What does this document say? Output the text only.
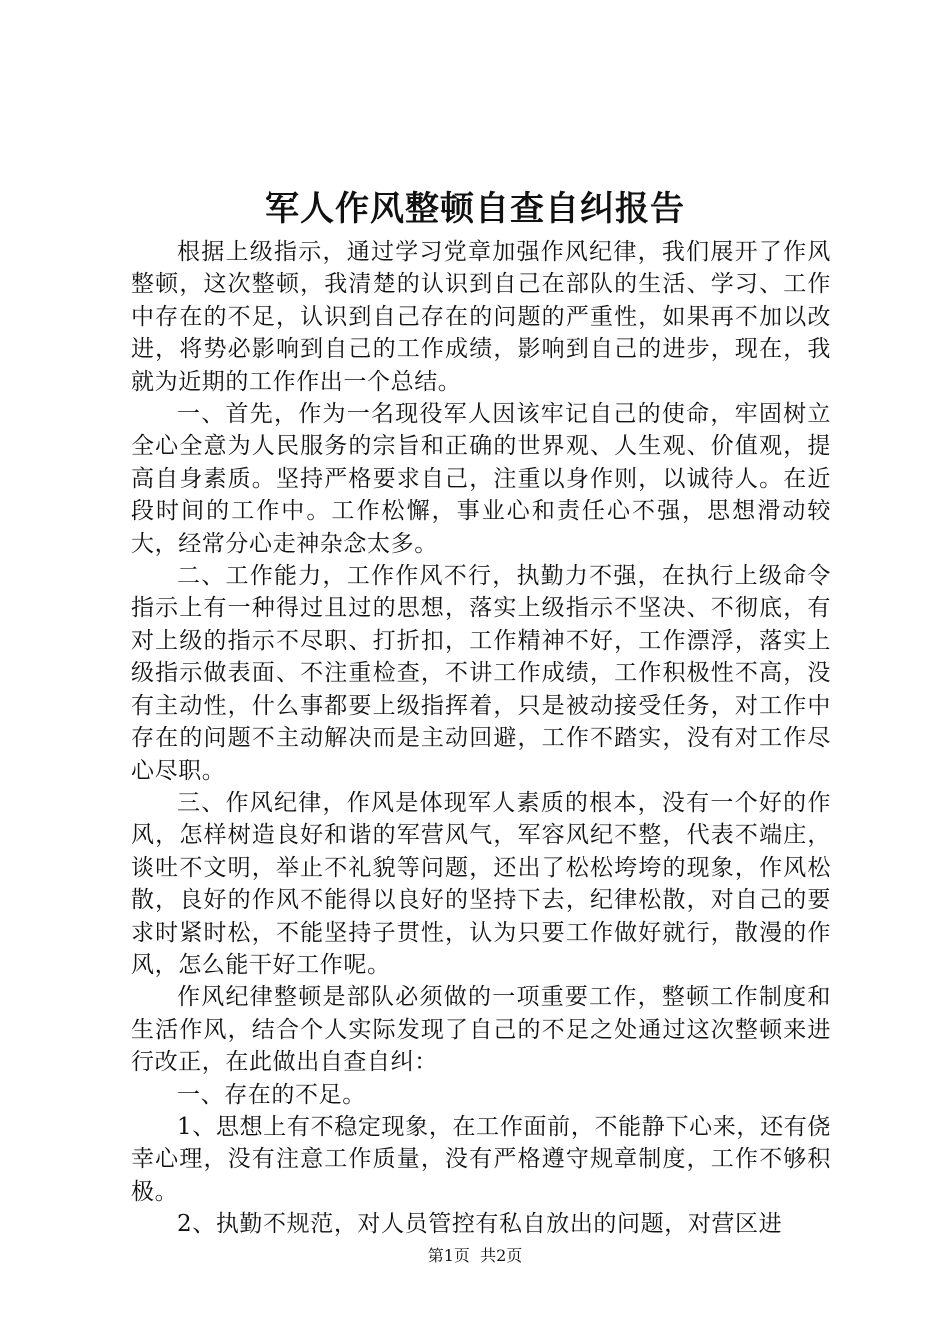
军人作风整顿自查自纠报告

根据上级指示，通过学习党章加强作风纪律，我们展开了作风整顿，这次整顿，我清楚的认识到自己在部队的生活、学习、工作中存在的不足，认识到自己存在的问题的严重性，如果再不加以改进，将势必影响到自己的工作成绩，影响到自己的进步，现在，我就为近期的工作作出一个总结。

一、首先，作为一名现役军人因该牢记自己的使命，牢固树立全心全意为人民服务的宗旨和正确的世界观、人生观、价值观，提高自身素质。坚持严格要求自己，注重以身作则，以诚待人。在近段时间的工作中。工作松懈，事业心和责任心不强，思想滑动较大，经常分心走神杂念太多。

二、工作能力，工作作风不行，执勤力不强，在执行上级命令指示上有一种得过且过的思想，落实上级指示不坚决、不彻底，有对上级的指示不尽职、打折扣，工作精神不好，工作漂浮，落实上级指示做表面、不注重检查，不讲工作成绩，工作积极性不高，没有主动性，什么事都要上级指挥着，只是被动接受任务，对工作中存在的问题不主动解决而是主动回避，工作不踏实，没有对工作尽心尽职。

三、作风纪律，作风是体现军人素质的根本，没有一个好的作风，怎样树造良好和谐的军营风气，军容风纪不整，代表不端庄，谈吐不文明，举止不礼貌等问题，还出了松松垮垮的现象，作风松散，良好的作风不能得以良好的坚持下去，纪律松散，对自己的要求时紧时松，不能坚持子贯性，认为只要工作做好就行，散漫的作风，怎么能干好工作呢。

作风纪律整顿是部队必须做的一项重要工作，整顿工作制度和生活作风，结合个人实际发现了自己的不足之处通过这次整顿来进行改正，在此做出自查自纠：

一、存在的不足。

1、思想上有不稳定现象，在工作面前，不能静下心来，还有侥幸心理，没有注意工作质量，没有严格遵守规章制度，工作不够积极。

2、执勤不规范，对人员管控有私自放出的问题，对营区进

第1页 共2页
